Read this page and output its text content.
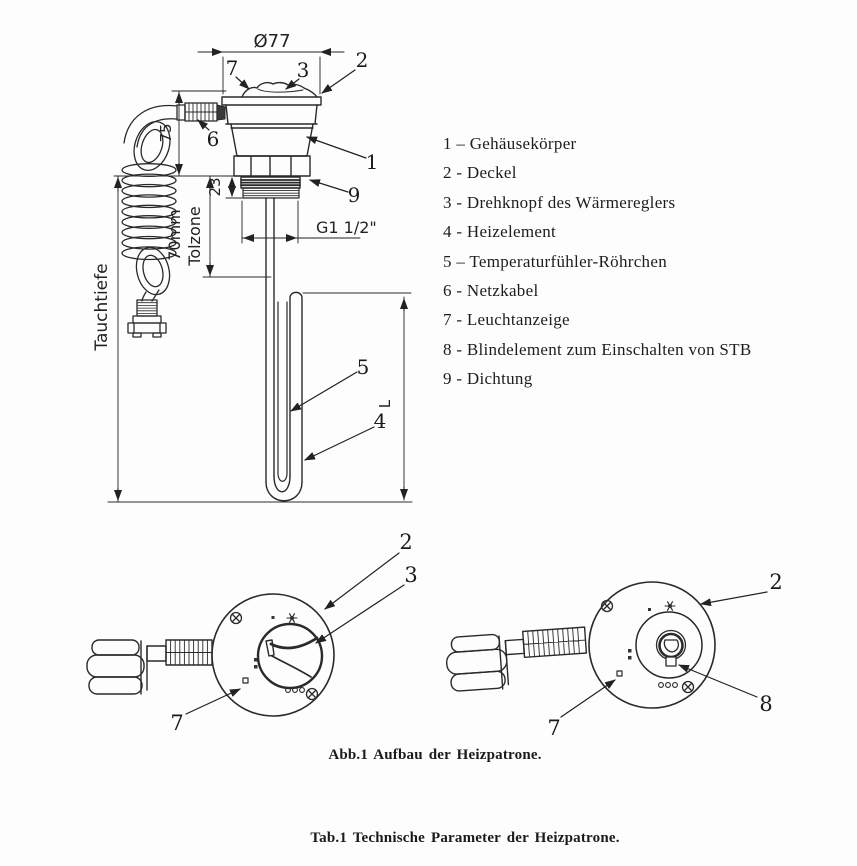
Ø77
75
Tauchtiefe
70mm Tolzone
23
G1 1/2"
L
2
7	3
6
1
9
5
4
2
3
7
2
8
7
1 – Gehäusekörper
2 - Deckel
3 - Drehknopf des Wärmereglers
4 - Heizelement
5 – Temperaturfühler-Röhrchen
6 - Netzkabel
7 - Leuchtanzeige
8 - Blindelement zum Einschalten von STB
9 - Dichtung
Abb.1 Aufbau der Heizpatrone.
Tab.1 Technische Parameter der Heizpatrone.
